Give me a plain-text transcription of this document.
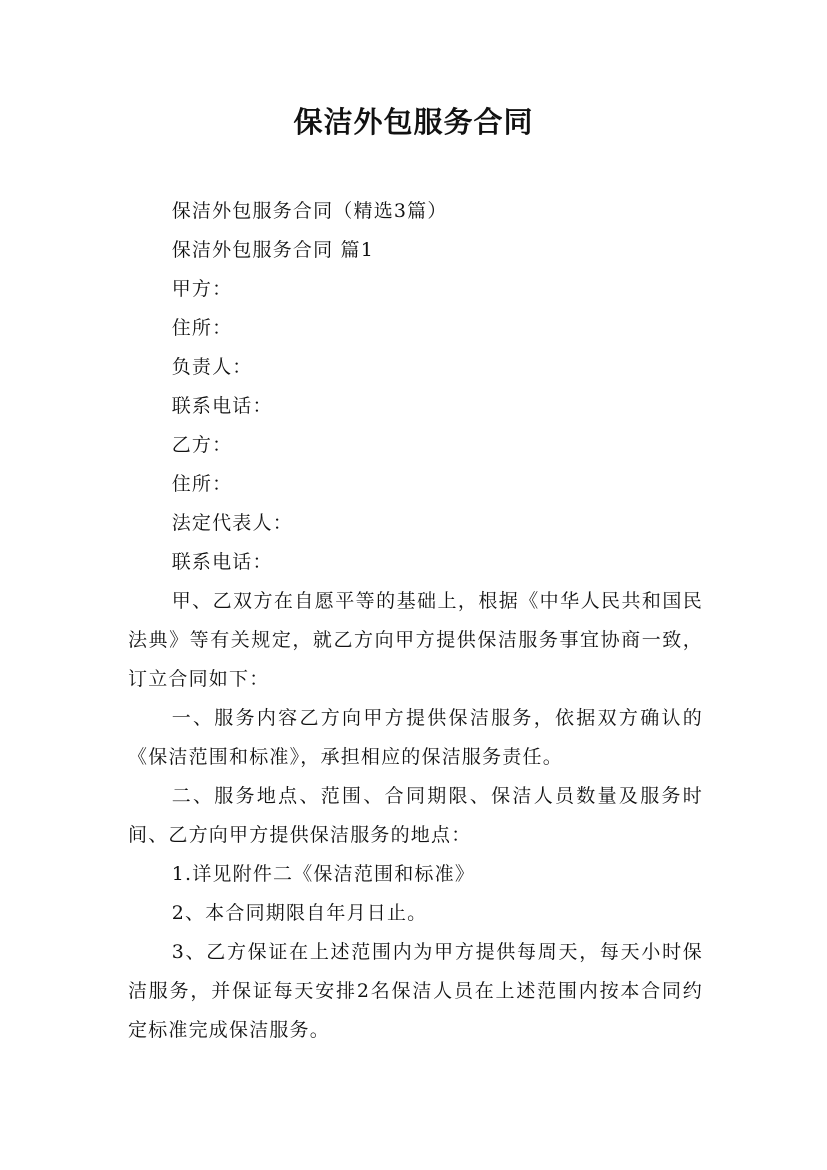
保洁外包服务合同

保洁外包服务合同（精选3篇）

保洁外包服务合同 篇1

甲方：

住所：

负责人：

联系电话：

乙方：

住所：

法定代表人：

联系电话：

甲、乙双方在自愿平等的基础上，根据《中华人民共和国民法典》等有关规定，就乙方向甲方提供保洁服务事宜协商一致，订立合同如下：

一、服务内容乙方向甲方提供保洁服务，依据双方确认的《保洁范围和标准》，承担相应的保洁服务责任。

二、服务地点、范围、合同期限、保洁人员数量及服务时间、乙方向甲方提供保洁服务的地点：

1.详见附件二《保洁范围和标准》

2、本合同期限自年月日止。

3、乙方保证在上述范围内为甲方提供每周天，每天小时保洁服务，并保证每天安排2名保洁人员在上述范围内按本合同约定标准完成保洁服务。
